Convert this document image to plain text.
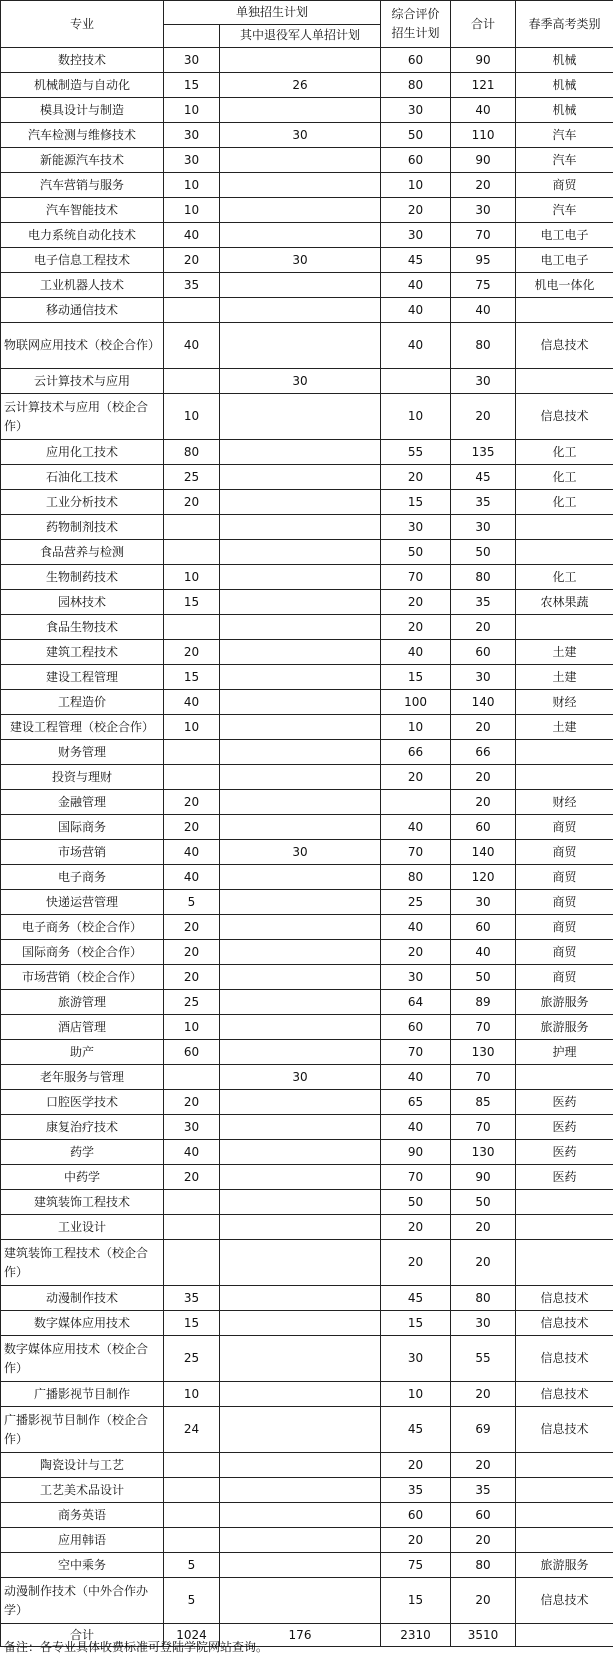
专业	单独招生计划		综合评价招生计划	合计	春季高考类别
		其中退役军人单招计划			
数控技术	30		60	90	机械
机械制造与自动化	15	26	80	121	机械
模具设计与制造	10		30	40	机械
汽车检测与维修技术	30	30	50	110	汽车
新能源汽车技术	30		60	90	汽车
汽车营销与服务	10		10	20	商贸
汽车智能技术	10		20	30	汽车
电力系统自动化技术	40		30	70	电工电子
电子信息工程技术	20	30	45	95	电工电子
工业机器人技术	35		40	75	机电一体化
移动通信技术			40	40	
物联网应用技术（校企合作）	40		40	80	信息技术
云计算技术与应用		30		30	
云计算技术与应用（校企合作）	10		10	20	信息技术
应用化工技术	80		55	135	化工
石油化工技术	25		20	45	化工
工业分析技术	20		15	35	化工
药物制剂技术			30	30	
食品营养与检测			50	50	
生物制药技术	10		70	80	化工
园林技术	15		20	35	农林果蔬
食品生物技术			20	20	
建筑工程技术	20		40	60	土建
建设工程管理	15		15	30	土建
工程造价	40		100	140	财经
建设工程管理（校企合作）	10		10	20	土建
财务管理			66	66	
投资与理财			20	20	
金融管理	20			20	财经
国际商务	20		40	60	商贸
市场营销	40	30	70	140	商贸
电子商务	40		80	120	商贸
快递运营管理	5		25	30	商贸
电子商务（校企合作）	20		40	60	商贸
国际商务（校企合作）	20		20	40	商贸
市场营销（校企合作）	20		30	50	商贸
旅游管理	25		64	89	旅游服务
酒店管理	10		60	70	旅游服务
助产	60		70	130	护理
老年服务与管理		30	40	70	
口腔医学技术	20		65	85	医药
康复治疗技术	30		40	70	医药
药学	40		90	130	医药
中药学	20		70	90	医药
建筑装饰工程技术			50	50	
工业设计			20	20	
建筑装饰工程技术（校企合作）			20	20	
动漫制作技术	35		45	80	信息技术
数字媒体应用技术	15		15	30	信息技术
数字媒体应用技术（校企合作）	25		30	55	信息技术
广播影视节目制作	10		10	20	信息技术
广播影视节目制作（校企合作）	24		45	69	信息技术
陶瓷设计与工艺			20	20	
工艺美术品设计			35	35	
商务英语			60	60	
应用韩语			20	20	
空中乘务	5		75	80	旅游服务
动漫制作技术（中外合作办学）	5		15	20	信息技术
合计	1024	176	2310	3510	
备注：各专业具体收费标准可登陆学院网站查询。
